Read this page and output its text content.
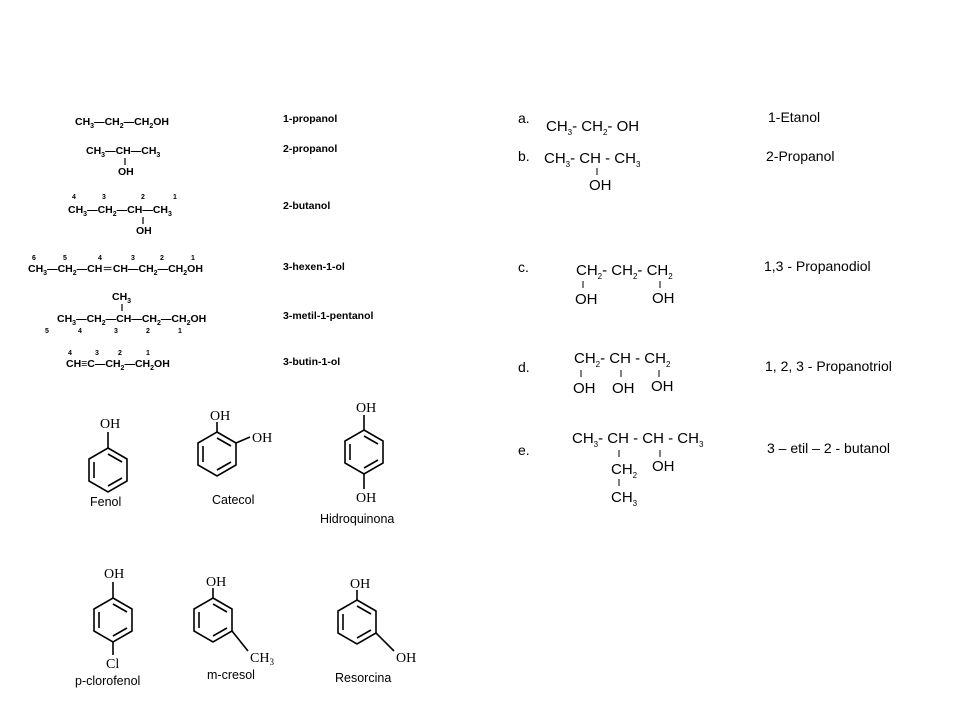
$CH_3—CH_2—CH_2OH$
$CH_3—CH—CH_3$
OH
4	3	2	1
$CH_3—CH_2—CH—CH_3$
OH
6	5	4	3	2	1
$CH_3—CH_2—CH=CH—CH_2—CH_2OH$
$CH_3$
$CH_3—CH_2—CH—CH_2—CH_2OH$
5	4	3	2	1
4	3	2	1
$CH\equiv C—CH_2—CH_2OH$
OH
OH
OH
OH
OH
OH
Cl
OH
$CH_3$
OH
OH
$CH_3-$ $CH_2-$ OH
$CH_3-$ CH - $CH_3$
OH
$CH_2-$ $CH_2-$ $CH_2$
OH	OH
$CH_2-$ CH - $CH_2$
OH OH OH
$CH_3-$ CH - CH - $CH_3$
$CH_2$
OH
$CH_3$
1-propanol
2-propanol
2-butanol
3-hexen-1-ol
3-metil-1-pentanol
3-butin-1-ol
Fenol	Catecol
Hidroquinona
p-clorofenol	m-cresol	Resorcina
a.
b.
c.
d.
e.
1-Etanol
2-Propanol
1,3 - Propanodiol
1, 2, 3 - Propanotriol
3 – etil – 2 - butanol
